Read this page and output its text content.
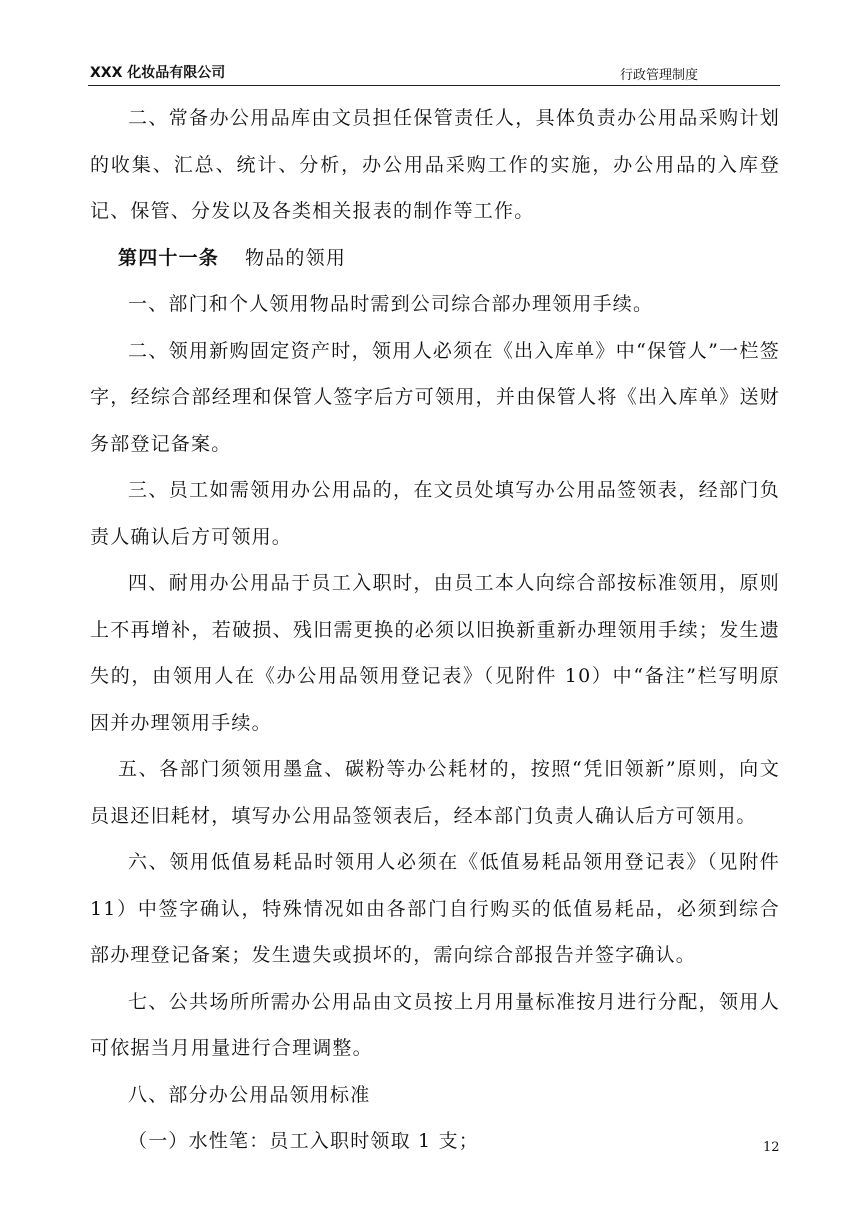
XXX 化妆品有限公司	行政管理制度

二、常备办公用品库由文员担任保管责任人，具体负责办公用品采购计划的收集、汇总、统计、分析，办公用品采购工作的实施，办公用品的入库登记、保管、分发以及各类相关报表的制作等工作。

第四十一条 物品的领用

一、部门和个人领用物品时需到公司综合部办理领用手续。

二、领用新购固定资产时，领用人必须在《出入库单》中“保管人”一栏签字，经综合部经理和保管人签字后方可领用，并由保管人将《出入库单》送财务部登记备案。

三、员工如需领用办公用品的，在文员处填写办公用品签领表，经部门负责人确认后方可领用。

四、耐用办公用品于员工入职时，由员工本人向综合部按标准领用，原则上不再增补，若破损、残旧需更换的必须以旧换新重新办理领用手续；发生遗失的，由领用人在《办公用品领用登记表》（见附件 10）中“备注”栏写明原因并办理领用手续。

五、各部门须领用墨盒、碳粉等办公耗材的，按照“凭旧领新”原则，向文员退还旧耗材，填写办公用品签领表后，经本部门负责人确认后方可领用。

六、领用低值易耗品时领用人必须在《低值易耗品领用登记表》（见附件 11）中签字确认，特殊情况如由各部门自行购买的低值易耗品，必须到综合部办理登记备案；发生遗失或损坏的，需向综合部报告并签字确认。

七、公共场所所需办公用品由文员按上月用量标准按月进行分配，领用人可依据当月用量进行合理调整。

八、部分办公用品领用标准

（一）水性笔：员工入职时领取 1 支；	12
